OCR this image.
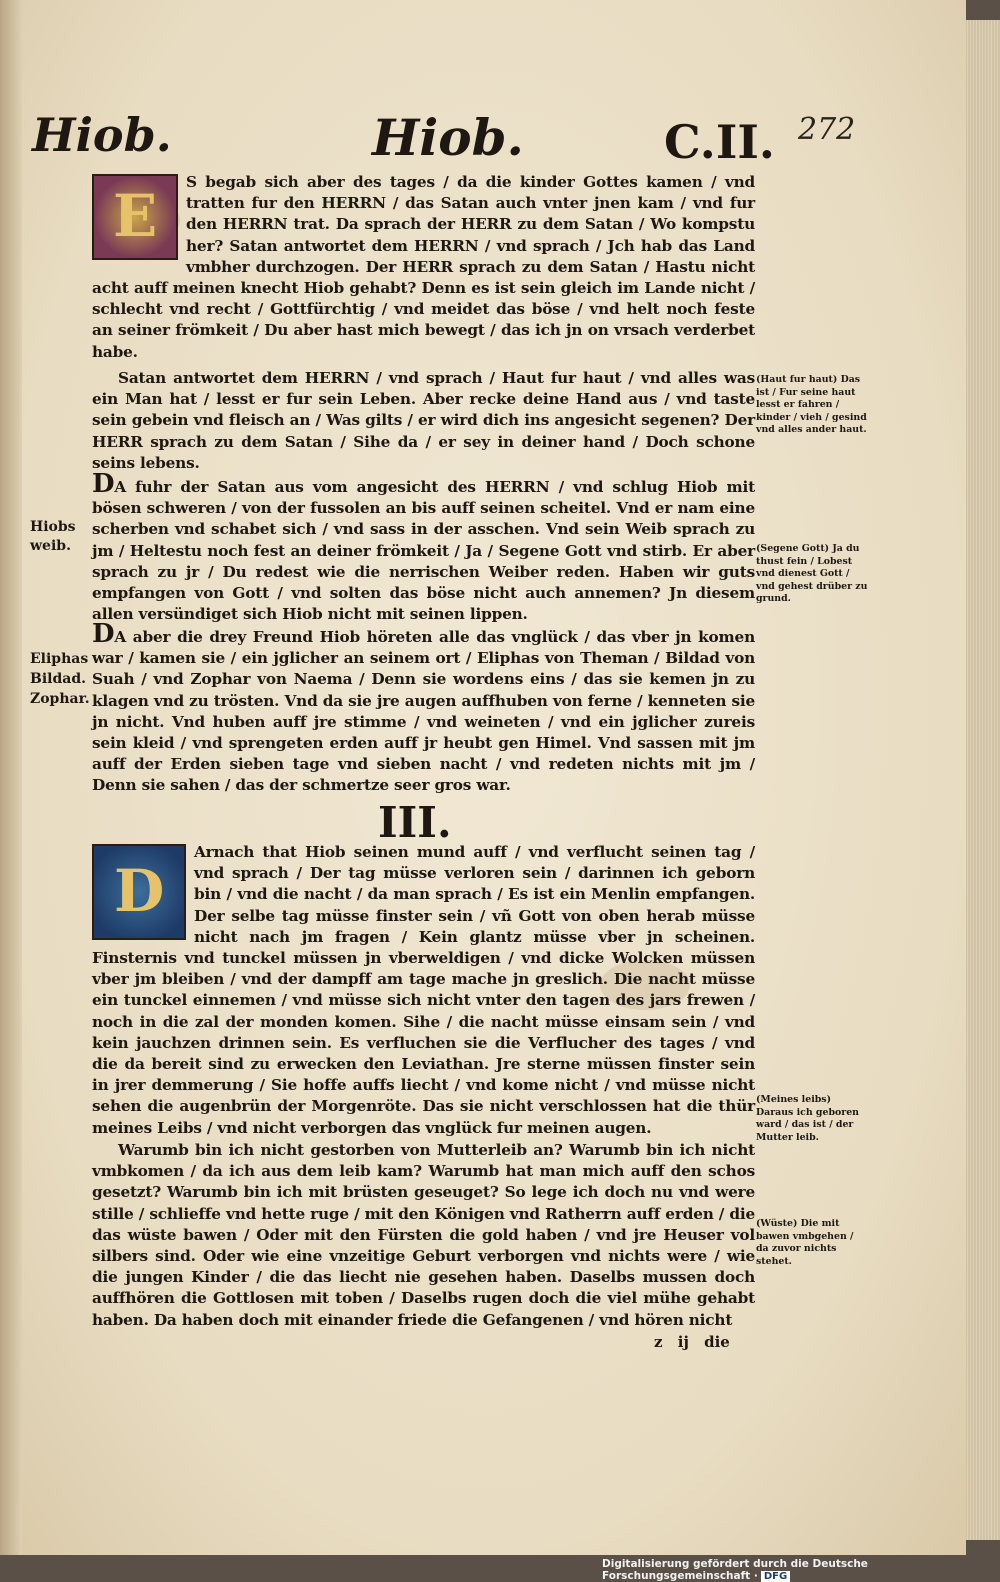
Hiob.	Hiob.	C.II. 272

E
S begab sich aber des tages / da die kinder Gottes kamen / vnd tratten fur den HERRN / das Satan auch vnter jnen kam / vnd fur den HERRN trat. Da sprach der HERR zu dem Satan / Wo kompstu her? Satan antwortet dem HERRN / vnd sprach / Jch hab das Land vmbher durchzogen. Der HERR sprach zu dem Satan / Hastu nicht acht auff meinen knecht Hiob gehabt? Denn es ist sein gleich im Lande nicht / schlecht vnd recht / Gottfürchtig / vnd meidet das böse / vnd helt noch feste an seiner frömkeit / Du aber hast mich bewegt / das ich jn on vrsach verderbet habe.

Satan antwortet dem HERRN / vnd sprach / Haut fur haut / vnd alles was ein Man hat / lesst er fur sein Leben. Aber recke deine Hand aus / vnd taste sein gebein vnd fleisch an / Was gilts / er wird dich ins angesicht segenen? Der HERR sprach zu dem Satan / Sihe da / er sey in deiner hand / Doch schone seins lebens.

DA fuhr der Satan aus vom angesicht des HERRN / vnd schlug Hiob mit bösen schweren / von der fussolen an bis auff seinen scheitel. Vnd er nam eine scherben vnd schabet sich / vnd sass in der asschen. Vnd sein Weib sprach zu jm / Heltestu noch fest an deiner frömkeit / Ja / Segene Gott vnd stirb. Er aber sprach zu jr / Du redest wie die nerrischen Weiber reden. Haben wir guts empfangen von Gott / vnd solten das böse nicht auch annemen? Jn diesem allen versündiget sich Hiob nicht mit seinen lippen.

DA aber die drey Freund Hiob höreten alle das vnglück / das vber jn komen war / kamen sie / ein jglicher an seinem ort / Eliphas von Theman / Bildad von Suah / vnd Zophar von Naema / Denn sie wordens eins / das sie kemen jn zu klagen vnd zu trösten. Vnd da sie jre augen auffhuben von ferne / kenneten sie jn nicht. Vnd huben auff jre stimme / vnd weineten / vnd ein jglicher zureis sein kleid / vnd sprengeten erden auff jr heubt gen Himel. Vnd sassen mit jm auff der Erden sieben tage vnd sieben nacht / vnd redeten nichts mit jm / Denn sie sahen / das der schmertze seer gros war.

III.

D
Arnach that Hiob seinen mund auff / vnd verflucht seinen tag / vnd sprach / Der tag müsse verloren sein / darinnen ich geborn bin / vnd die nacht / da man sprach / Es ist ein Menlin empfangen. Der selbe tag müsse finster sein / vñ Gott von oben herab müsse nicht nach jm fragen / Kein glantz müsse vber jn scheinen. Finsternis vnd tunckel müssen jn vberweldigen / vnd dicke Wolcken müssen vber jm bleiben / vnd der dampff am tage mache jn greslich. Die nacht müsse ein tunckel einnemen / vnd müsse sich nicht vnter den tagen des jars frewen / noch in die zal der monden komen. Sihe / die nacht müsse einsam sein / vnd kein jauchzen drinnen sein. Es verfluchen sie die Verflucher des tages / vnd die da bereit sind zu erwecken den Leviathan. Jre sterne müssen finster sein in jrer demmerung / Sie hoffe auffs liecht / vnd kome nicht / vnd müsse nicht sehen die augenbrün der Morgenröte. Das sie nicht verschlossen hat die thür meines Leibs / vnd nicht verborgen das vnglück fur meinen augen.

Warumb bin ich nicht gestorben von Mutterleib an? Warumb bin ich nicht vmbkomen / da ich aus dem leib kam? Warumb hat man mich auff den schos gesetzt? Warumb bin ich mit brüsten geseuget? So lege ich doch nu vnd were stille / schlieffe vnd hette ruge / mit den Königen vnd Ratherrn auff erden / die das wüste bawen / Oder mit den Fürsten die gold haben / vnd jre Heuser vol silbers sind. Oder wie eine vnzeitige Geburt verborgen vnd nichts were / wie die jungen Kinder / die das liecht nie gesehen haben. Daselbs mussen doch auffhören die Gottlosen mit toben / Daselbs rugen doch die viel mühe gehabt haben. Da haben doch mit einander friede die Gefangenen / vnd hören nicht

(Haut fur haut) Das ist / Fur seine haut lesst er fahren / kinder / vieh / gesind vnd alles ander haut.
(Segene Gott) Ja du thust fein / Lobest vnd dienest Gott / vnd gehest drüber zu grund.
(Meines leibs) Daraus ich geboren ward / das ist / der Mutter leib.
(Wüste) Die mit bawen vmbgehen / da zuvor nichts stehet.
Hiobs weib.
Eliphas
Bildad.
Zophar.
z ij die
Digitalisierung gefördert durch die Deutsche Forschungsgemeinschaft · DFG
